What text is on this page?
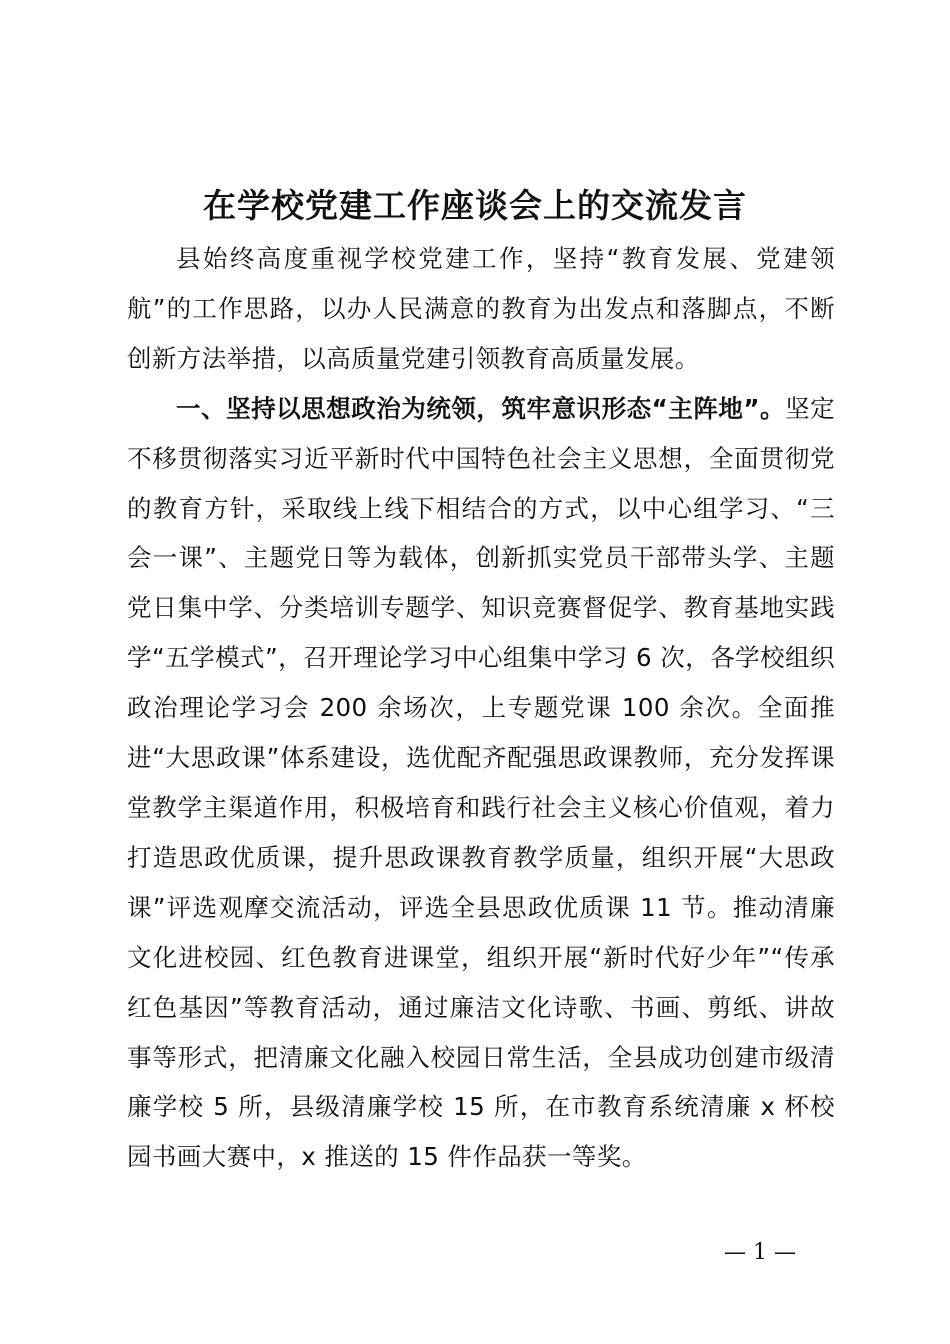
在学校党建工作座谈会上的交流发言

县始终高度重视学校党建工作，坚持“教育发展、党建领航”的工作思路，以办人民满意的教育为出发点和落脚点，不断创新方法举措，以高质量党建引领教育高质量发展。

一、坚持以思想政治为统领，筑牢意识形态“主阵地”。坚定不移贯彻落实习近平新时代中国特色社会主义思想，全面贯彻党的教育方针，采取线上线下相结合的方式，以中心组学习、“三会一课”、主题党日等为载体，创新抓实党员干部带头学、主题党日集中学、分类培训专题学、知识竞赛督促学、教育基地实践学“五学模式”，召开理论学习中心组集中学习 6 次，各学校组织政治理论学习会 200 余场次，上专题党课 100 余次。全面推进“大思政课”体系建设，选优配齐配强思政课教师，充分发挥课堂教学主渠道作用，积极培育和践行社会主义核心价值观，着力打造思政优质课，提升思政课教育教学质量，组织开展“大思政课”评选观摩交流活动，评选全县思政优质课 11 节。推动清廉文化进校园、红色教育进课堂，组织开展“新时代好少年”“传承红色基因”等教育活动，通过廉洁文化诗歌、书画、剪纸、讲故事等形式，把清廉文化融入校园日常生活，全县成功创建市级清廉学校 5 所，县级清廉学校 15 所，在市教育系统清廉 x 杯校园书画大赛中，x 推送的 15 件作品获一等奖。

— 1 —
